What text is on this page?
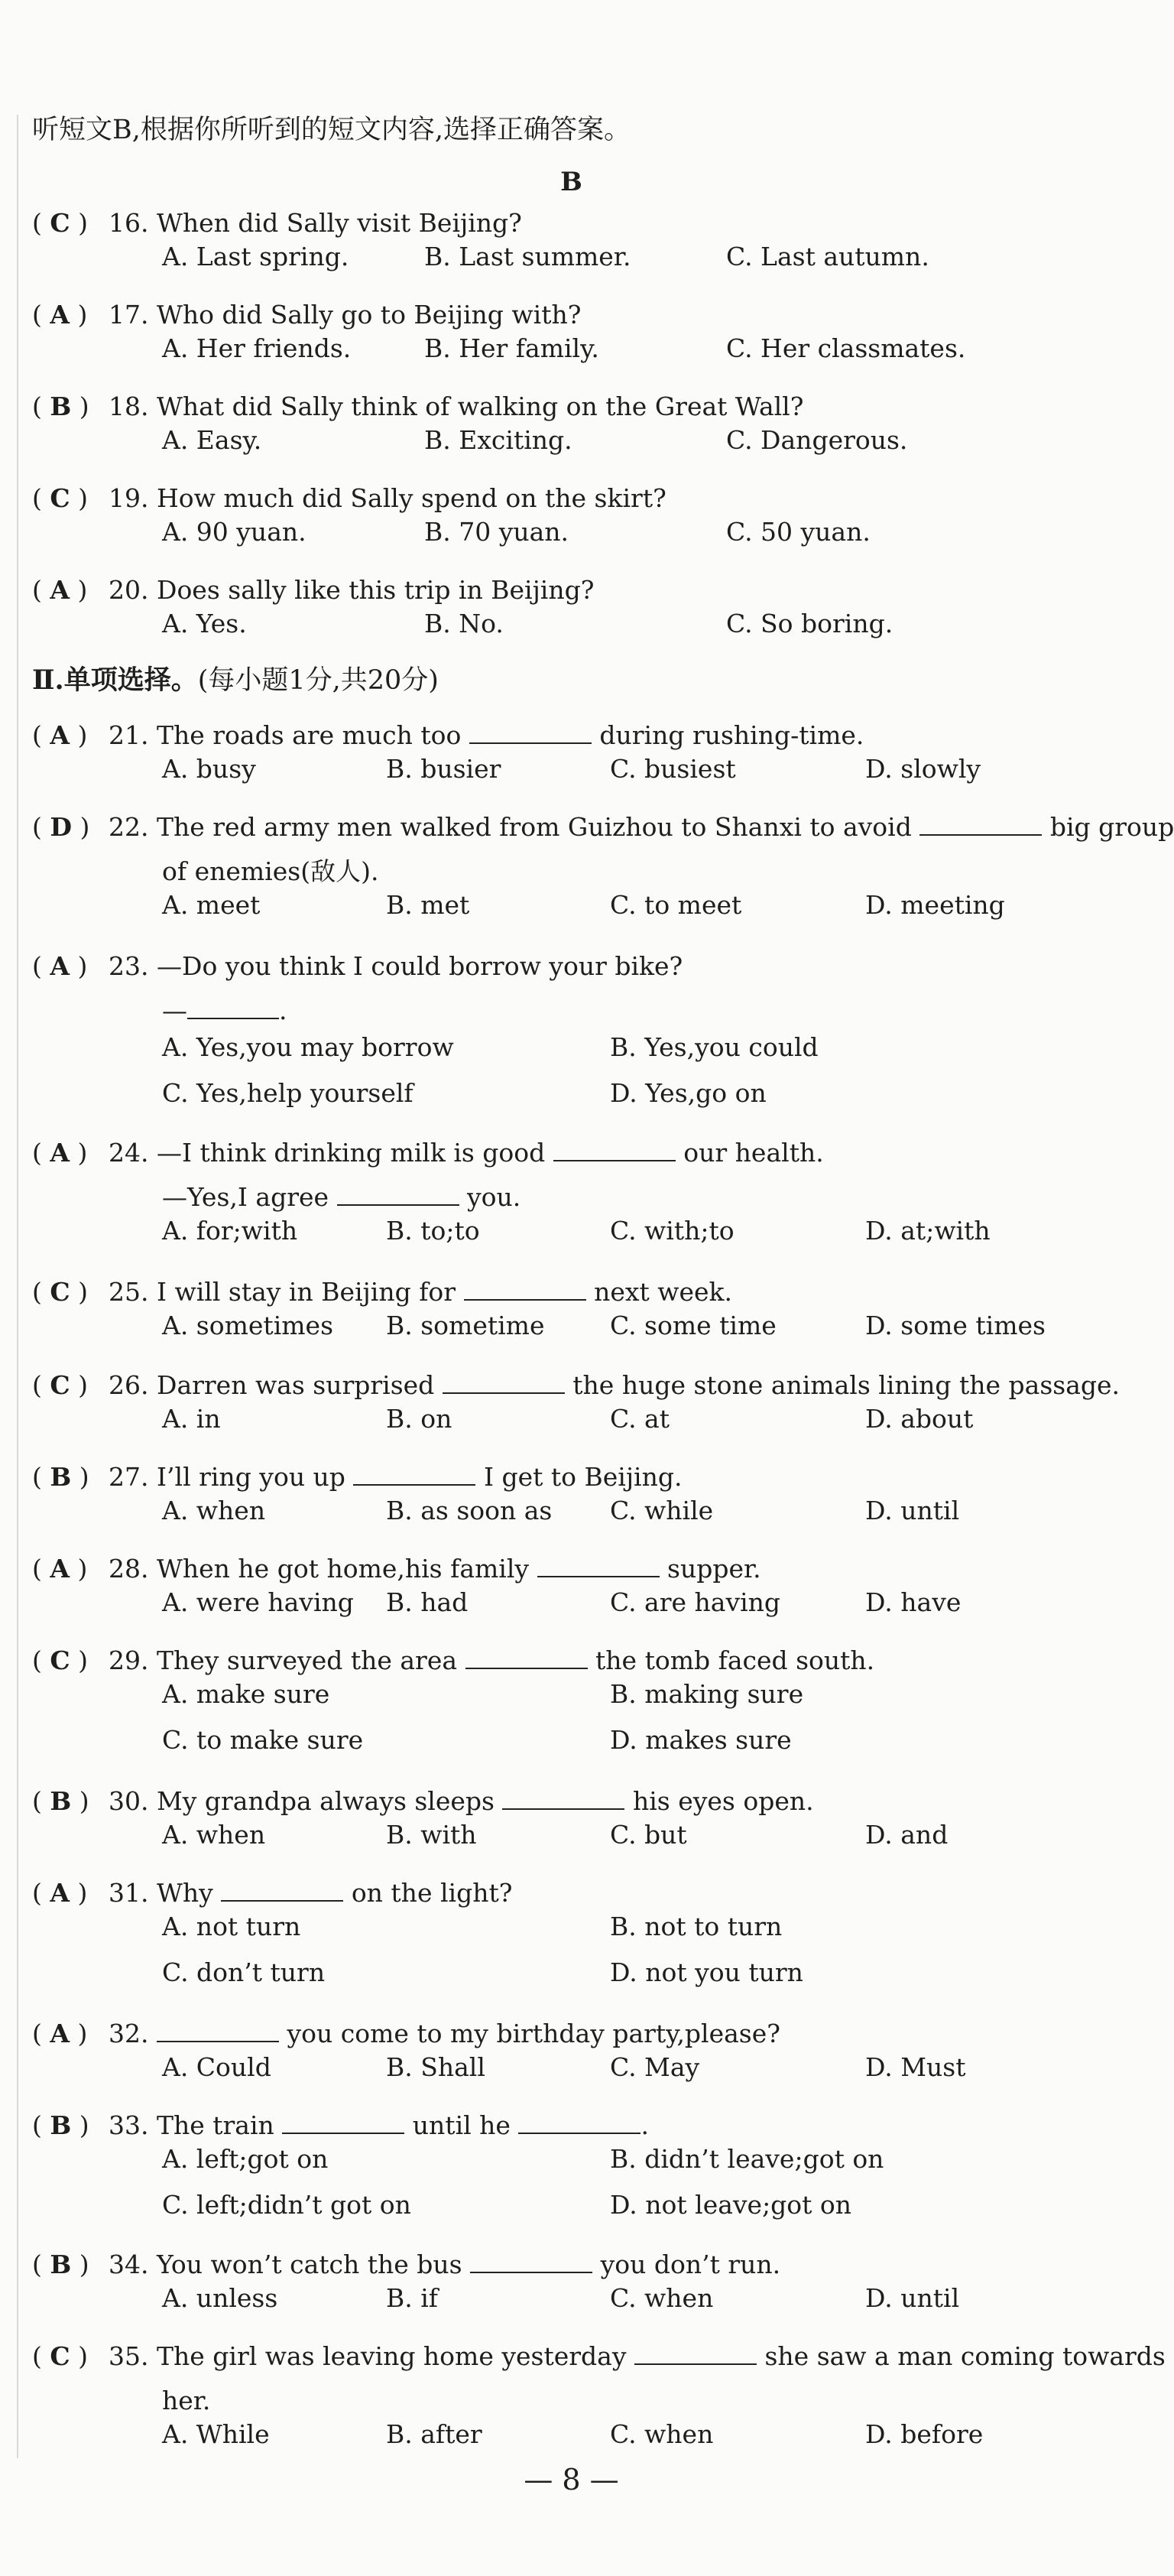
听短文B,根据你所听到的短文内容,选择正确答案。
B
( C ) 16. When did Sally visit Beijing?
A. Last spring.	B. Last summer.	C. Last autumn.
( A ) 17. Who did Sally go to Beijing with?
A. Her friends.	B. Her family.	C. Her classmates.
( B ) 18. What did Sally think of walking on the Great Wall?
A. Easy.	B. Exciting.	C. Dangerous.
( C ) 19. How much did Sally spend on the skirt?
A. 90 yuan.	B. 70 yuan.	C. 50 yuan.
( A ) 20. Does sally like this trip in Beijing?
A. Yes.	B. No.	C. So boring.
Ⅱ.单项选择。(每小题1分,共20分)
( A ) 21. The roads are much too	during rushing-time.
A. busy	B. busier	C. busiest	D. slowly
( D ) 22. The red army men walked from Guizhou to Shanxi to avoid	big group
of enemies(敌人).
A. meet	B. met	C. to meet	D. meeting
( A ) 23. —Do you think I could borrow your bike?
—	.
A. Yes,you may borrow	B. Yes,you could
C. Yes,help yourself	D. Yes,go on
( A ) 24. —I think drinking milk is good	our health.
—Yes,I agree	you.
A. for;with	B. to;to	C. with;to	D. at;with
( C ) 25. I will stay in Beijing for	next week.
A. sometimes B. sometime	C. some time	D. some times
( C ) 26. Darren was surprised	the huge stone animals lining the passage.
A. in	B. on	C. at	D. about
( B ) 27. I’ll ring you up	I get to Beijing.
A. when	B. as soon as C. while	D. until
( A ) 28. When he got home,his family	supper.
A. were having B. had	C. are having	D. have
( C ) 29. They surveyed the area	the tomb faced south.
A. make sure	B. making sure
C. to make sure	D. makes sure
( B ) 30. My grandpa always sleeps	his eyes open.
A. when	B. with	C. but	D. and
( A ) 31. Why	on the light?
A. not turn	B. not to turn
C. don’t turn	D. not you turn
( A ) 32.	you come to my birthday party,please?
A. Could	B. Shall	C. May	D. Must
( B ) 33. The train	until he	.
A. left;got on	B. didn’t leave;got on
C. left;didn’t got on	D. not leave;got on
( B ) 34. You won’t catch the bus	you don’t run.
A. unless	B. if	C. when	D. until
( C ) 35. The girl was leaving home yesterday	she saw a man coming towards
her.
A. While	B. after	C. when	D. before
— 8 —
